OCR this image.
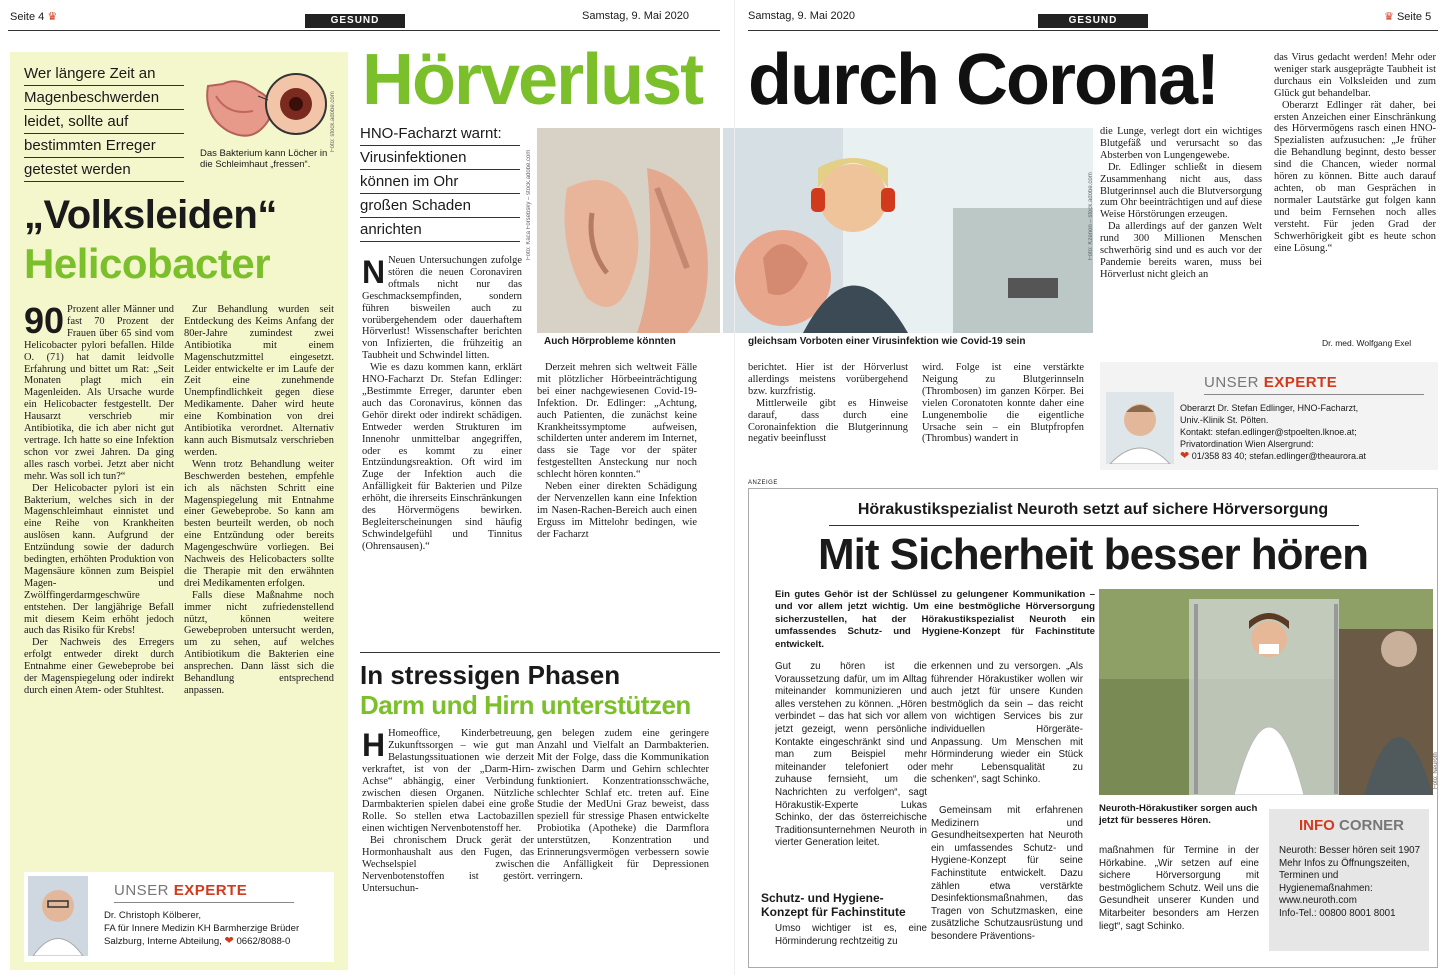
Seite 4 ♛	GESUND	Samstag, 9. Mai 2020	Samstag, 9. Mai 2020	GESUND	♛ Seite 5
Wer längere Zeit an
Magenbeschwerden
leidet, sollte auf
bestimmten Erreger
getestet werden
Foto: stock.adobe.com
Das Bakterium kann Löcher in die Schleimhaut „fressen“.
„Volksleiden“
Helicobacter

90 Prozent aller Männer und fast 70 Prozent der Frauen über 65 sind vom Helicobacter pylori befallen. Hilde O. (71) hat damit leidvolle Erfahrung und bittet um Rat: „Seit Monaten plagt mich ein Magenleiden. Als Ursache wurde ein Helicobacter festgestellt. Der Hausarzt verschrieb mir Antibiotika, die ich aber nicht gut vertrage. Ich hatte so eine Infektion schon vor zwei Jahren. Da ging alles rasch vorbei. Jetzt aber nicht mehr. Was soll ich tun?“

Der Helicobacter pylori ist ein Bakterium, welches sich in der Magenschleimhaut einnistet und eine Reihe von Krankheiten auslösen kann. Aufgrund der Entzündung sowie der dadurch bedingten, erhöhten Produktion von Magensäure können zum Beispiel Magen- und Zwölffingerdarmgeschwüre entstehen. Der langjährige Befall mit diesem Keim erhöht jedoch auch das Risiko für Krebs!

Der Nachweis des Erregers erfolgt entweder direkt durch Entnahme einer Gewebeprobe bei der Magenspiegelung oder indirekt durch einen Atem- oder Stuhltest.

Zur Behandlung wurden seit Entdeckung des Keims Anfang der 80er-Jahre zumindest zwei Antibiotika mit einem Magenschutzmittel eingesetzt. Leider entwickelte er im Laufe der Zeit eine zunehmende Unempfindlichkeit gegen diese Medikamente. Daher wird heute eine Kombination von drei Antibiotika verordnet. Alternativ kann auch Bismutsalz verschrieben werden.

Wenn trotz Behandlung weiter Beschwerden bestehen, empfehle ich als nächsten Schritt eine Magenspiegelung mit Entnahme einer Gewebeprobe. So kann am besten beurteilt werden, ob noch eine Entzündung oder bereits Magengeschwüre vorliegen. Bei Nachweis des Helicobacters sollte die Therapie mit den erwähnten drei Medikamenten erfolgen.

Falls diese Maßnahme noch immer nicht zufriedenstellend nützt, können weitere Gewebeproben untersucht werden, um zu sehen, auf welches Antibiotikum die Bakterien eine ansprechen. Dann lässt sich die Behandlung entsprechend anpassen.

UNSER EXPERTE
Dr. Christoph Kölberer,
FA für Innere Medizin KH Barmherzige Brüder
Salzburg, Interne Abteilung, ❤ 0662/8088-0
Hörverlust durch Corona!
HNO-Facharzt warnt:
Virusinfektionen
können im Ohr
großen Schaden
anrichten	Foto: Kaca Forsebsky – stock.adobe.com	Foto: Kzenon – stock.adobe.com
Auch Hörprobleme könnten	gleichsam Vorboten einer Virusinfektion wie Covid-19 sein

N Neuen Untersuchungen zufolge stören die neuen Coronaviren oftmals nicht nur das Geschmacksempfinden, sondern führen bisweilen auch zu vorübergehendem oder dauerhaftem Hörverlust! Wissenschafter berichten von Infizierten, die frühzeitig an Taubheit und Schwindel litten.

Wie es dazu kommen kann, erklärt HNO-Facharzt Dr. Stefan Edlinger: „Bestimmte Erreger, darunter eben auch das Coronavirus, können das Gehör direkt oder indirekt schädigen. Entweder werden Strukturen im Innenohr unmittelbar angegriffen, oder es kommt zu einer Entzündungsreaktion. Oft wird im Zuge der Infektion auch die Anfälligkeit für Bakterien und Pilze erhöht, die ihrerseits Einschränkungen des Hörvermögens bewirken. Begleiterscheinungen sind häufig Schwindelgefühl und Tinnitus (Ohrensausen).“

Derzeit mehren sich weltweit Fälle mit plötzlicher Hörbeeinträchtigung bei einer nachgewiesenen Covid-19-Infektion. Dr. Edlinger: „Achtung, auch Patienten, die zunächst keine Krankheitssymptome aufweisen, schilderten unter anderem im Internet, dass sie Tage vor der später festgestellten Ansteckung nur noch schlecht hören konnten.“

Neben einer direkten Schädigung der Nervenzellen kann eine Infektion im Nasen-Rachen-Bereich auch einen Erguss im Mittelohr bedingen, wie der Facharzt

berichtet. Hier ist der Hörverlust allerdings meistens vorübergehend bzw. kurzfristig.

Mittlerweile gibt es Hinweise darauf, dass durch eine Coronainfektion die Blutgerinnung negativ beeinflusst

wird. Folge ist eine verstärkte Neigung zu Blutgerinnseln (Thrombosen) im ganzen Körper. Bei vielen Coronatoten konnte daher eine Lungenembolie die eigentliche Ursache sein – ein Blutpfropfen (Thrombus) wandert in

die Lunge, verlegt dort ein wichtiges Blutgefäß und verursacht so das Absterben von Lungengewebe.

Dr. Edlinger schließt in diesem Zusammenhang nicht aus, dass Blutgerinnsel auch die Blutversorgung zum Ohr beeinträchtigen und auf diese Weise Hörstörungen erzeugen.

Da allerdings auf der ganzen Welt rund 300 Millionen Menschen schwerhörig sind und es auch vor der Pandemie bereits waren, muss bei Hörverlust nicht gleich an

das Virus gedacht werden! Mehr oder weniger stark ausgeprägte Taubheit ist durchaus ein Volksleiden und zum Glück gut behandelbar.

Oberarzt Edlinger rät daher, bei ersten Anzeichen einer Einschränkung des Hörvermögens rasch einen HNO-Spezialisten aufzusuchen: „Je früher die Behandlung beginnt, desto besser sind die Chancen, wieder normal hören zu können. Bitte auch darauf achten, ob man Gesprächen in normaler Lautstärke gut folgen kann und beim Fernsehen noch alles versteht. Für jeden Grad der Schwerhörigkeit gibt es heute schon eine Lösung.“

Dr. med. Wolfgang Exel
UNSER EXPERTE
Oberarzt Dr. Stefan Edlinger, HNO-Facharzt,
Univ.-Klinik St. Pölten.
Kontakt: stefan.edlinger@stpoelten.lknoe.at;
Privatordination Wien Alsergrund:
❤ 01/358 83 40; stefan.edlinger@theaurora.at
In stressigen Phasen
Darm und Hirn unterstützen

H Homeoffice, Kinderbetreuung, Zukunftssorgen – wie gut man Belastungssituationen wie derzeit verkraftet, ist von der „Darm-Hirn-Achse“ abhängig, einer Verbindung zwischen diesen Organen. Nützliche Darmbakterien spielen dabei eine große Rolle. So stellen etwa Lactobazillen einen wichtigen Nervenbotenstoff her.

Bei chronischem Druck gerät der Hormonhaushalt aus den Fugen, das Wechselspiel zwischen Nervenbotenstoffen ist gestört. Untersuchun-

gen belegen zudem eine geringere Anzahl und Vielfalt an Darmbakterien. Mit der Folge, dass die Kommunikation zwischen Darm und Gehirn schlechter funktioniert. Konzentrationsschwäche, schlechter Schlaf etc. treten auf. Eine Studie der MedUni Graz beweist, dass speziell für stressige Phasen entwickelte Probiotika (Apotheke) die Darmflora unterstützen, Konzentration und Erinnerungsvermögen verbessern sowie die Anfälligkeit für Depressionen verringern.

ANZEIGE
Hörakustikspezialist Neuroth setzt auf sichere Hörversorgung
Mit Sicherheit besser hören
Ein gutes Gehör ist der Schlüssel zu gelungener Kommunikation – und vor allem jetzt wichtig. Um eine bestmögliche Hörversorgung sicherzustellen, hat der Hörakustikspezialist Neuroth ein umfassendes Schutz- und Hygiene-Konzept für Fachinstitute entwickelt.
Gut zu hören ist die Voraussetzung dafür, um im Alltag miteinander kommunizieren und alles verstehen zu können. „Hören verbindet – das hat sich vor allem jetzt gezeigt, wenn persönliche Kontakte eingeschränkt sind und man zum Beispiel mehr miteinander telefoniert oder zuhause fernsieht, um die Nachrichten zu verfolgen“, sagt Hörakustik-Experte Lukas Schinko, der das österreichische Traditionsunternehmen Neuroth in vierter Generation leitet.
Schutz- und Hygiene-Konzept für Fachinstitute
Umso wichtiger ist es, eine Hörminderung rechtzeitig zu
erkennen und zu versorgen. „Als führender Hörakustiker wollen wir auch jetzt für unsere Kunden bestmöglich da sein – das reicht von wichtigen Services bis zur individuellen Hörgeräte-Anpassung. Um Menschen mit Hörminderung wieder ein Stück mehr Lebensqualität zu schenken“, sagt Schinko.
Gemeinsam mit erfahrenen Medizinern und Gesundheitsexperten hat Neuroth ein umfassendes Schutz- und Hygiene-Konzept für seine Fachinstitute entwickelt. Dazu zählen etwa verstärkte Desinfektionsmaßnahmen, das Tragen von Schutzmasken, eine zusätzliche Schutzausrüstung und besondere Präventions-
Foto: Neuroth
Neuroth-Hörakustiker sorgen auch jetzt für besseres Hören.
maßnahmen für Termine in der Hörkabine. „Wir setzen auf eine sichere Hörversorgung mit bestmöglichem Schutz. Weil uns die Gesundheit unserer Kunden und Mitarbeiter besonders am Herzen liegt“, sagt Schinko.
INFO CORNER
Neuroth: Besser hören seit 1907
Mehr Infos zu Öffnungszeiten, Terminen und Hygienemaßnahmen:
www.neuroth.com
Info-Tel.: 00800 8001 8001
